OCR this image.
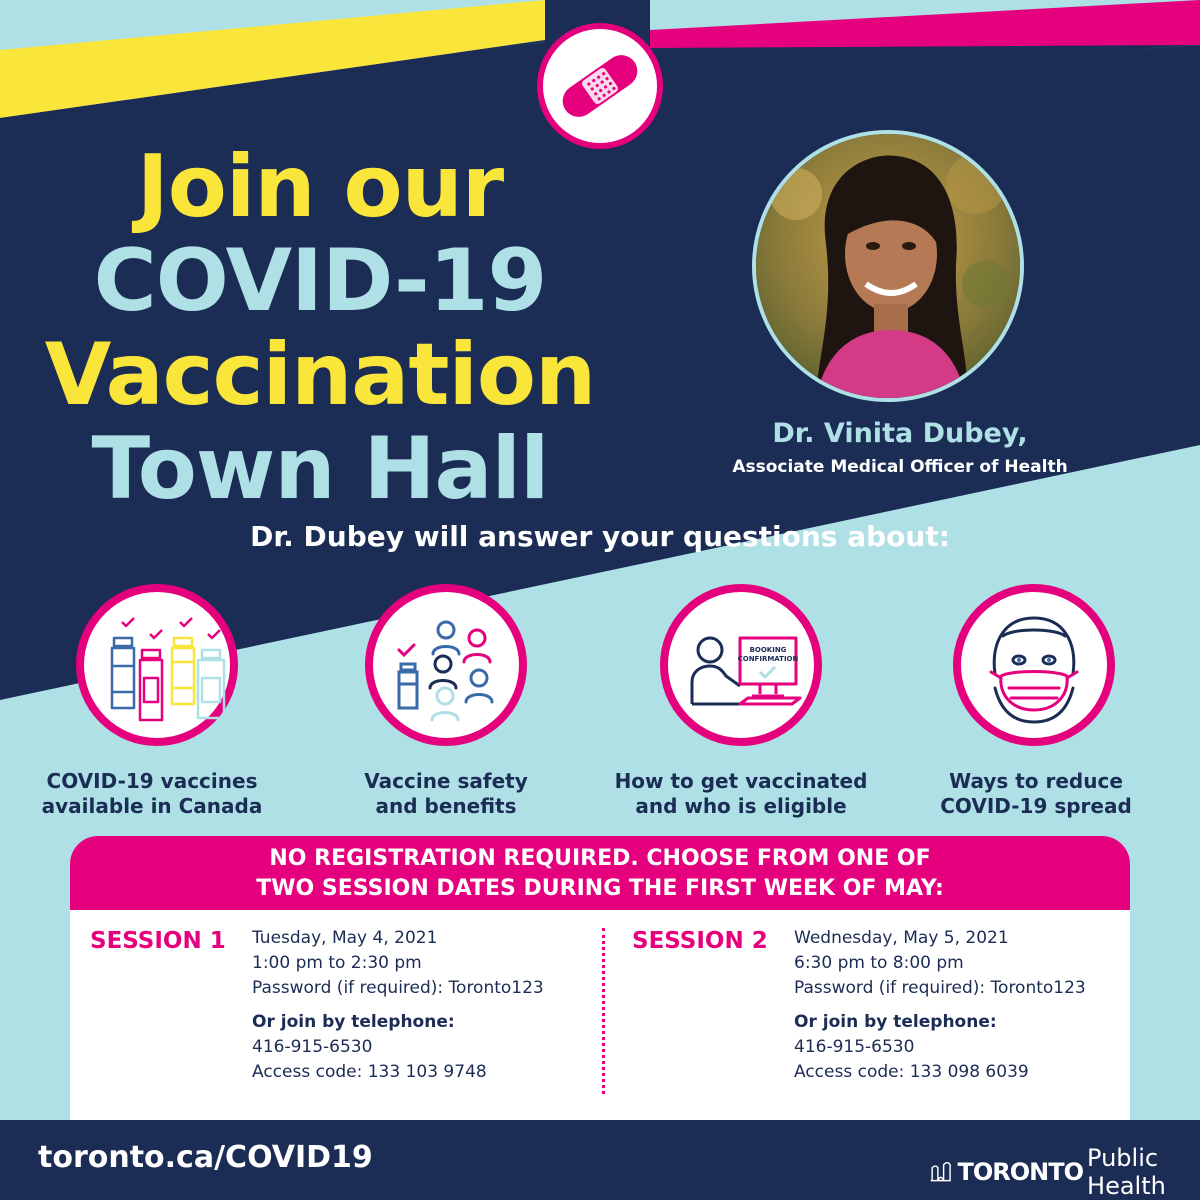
Join our
COVID-19
Vaccination
Town Hall	Dr. Vinita Dubey,
Associate Medical Officer of Health
Dr. Dubey will answer your questions about:
COVID-19 vaccines
available in Canada
Vaccine safety
and benefits
BOOKING
CONFIRMATION
How to get vaccinated
and who is eligible
Ways to reduce
COVID-19 spread
NO REGISTRATION REQUIRED. CHOOSE FROM ONE OF
TWO SESSION DATES DURING THE FIRST WEEK OF MAY:
SESSION 1 Tuesday, May 4, 2021
1:00 pm to 2:30 pm
Password (if required): Toronto123
Or join by telephone:
416-915-6530
Access code: 133 103 9748
SESSION 2 Wednesday, May 5, 2021
6:30 pm to 8:00 pm
Password (if required): Toronto123
Or join by telephone:
416-915-6530
Access code: 133 098 6039
toronto.ca/COVID19	TORONTO Public Health
